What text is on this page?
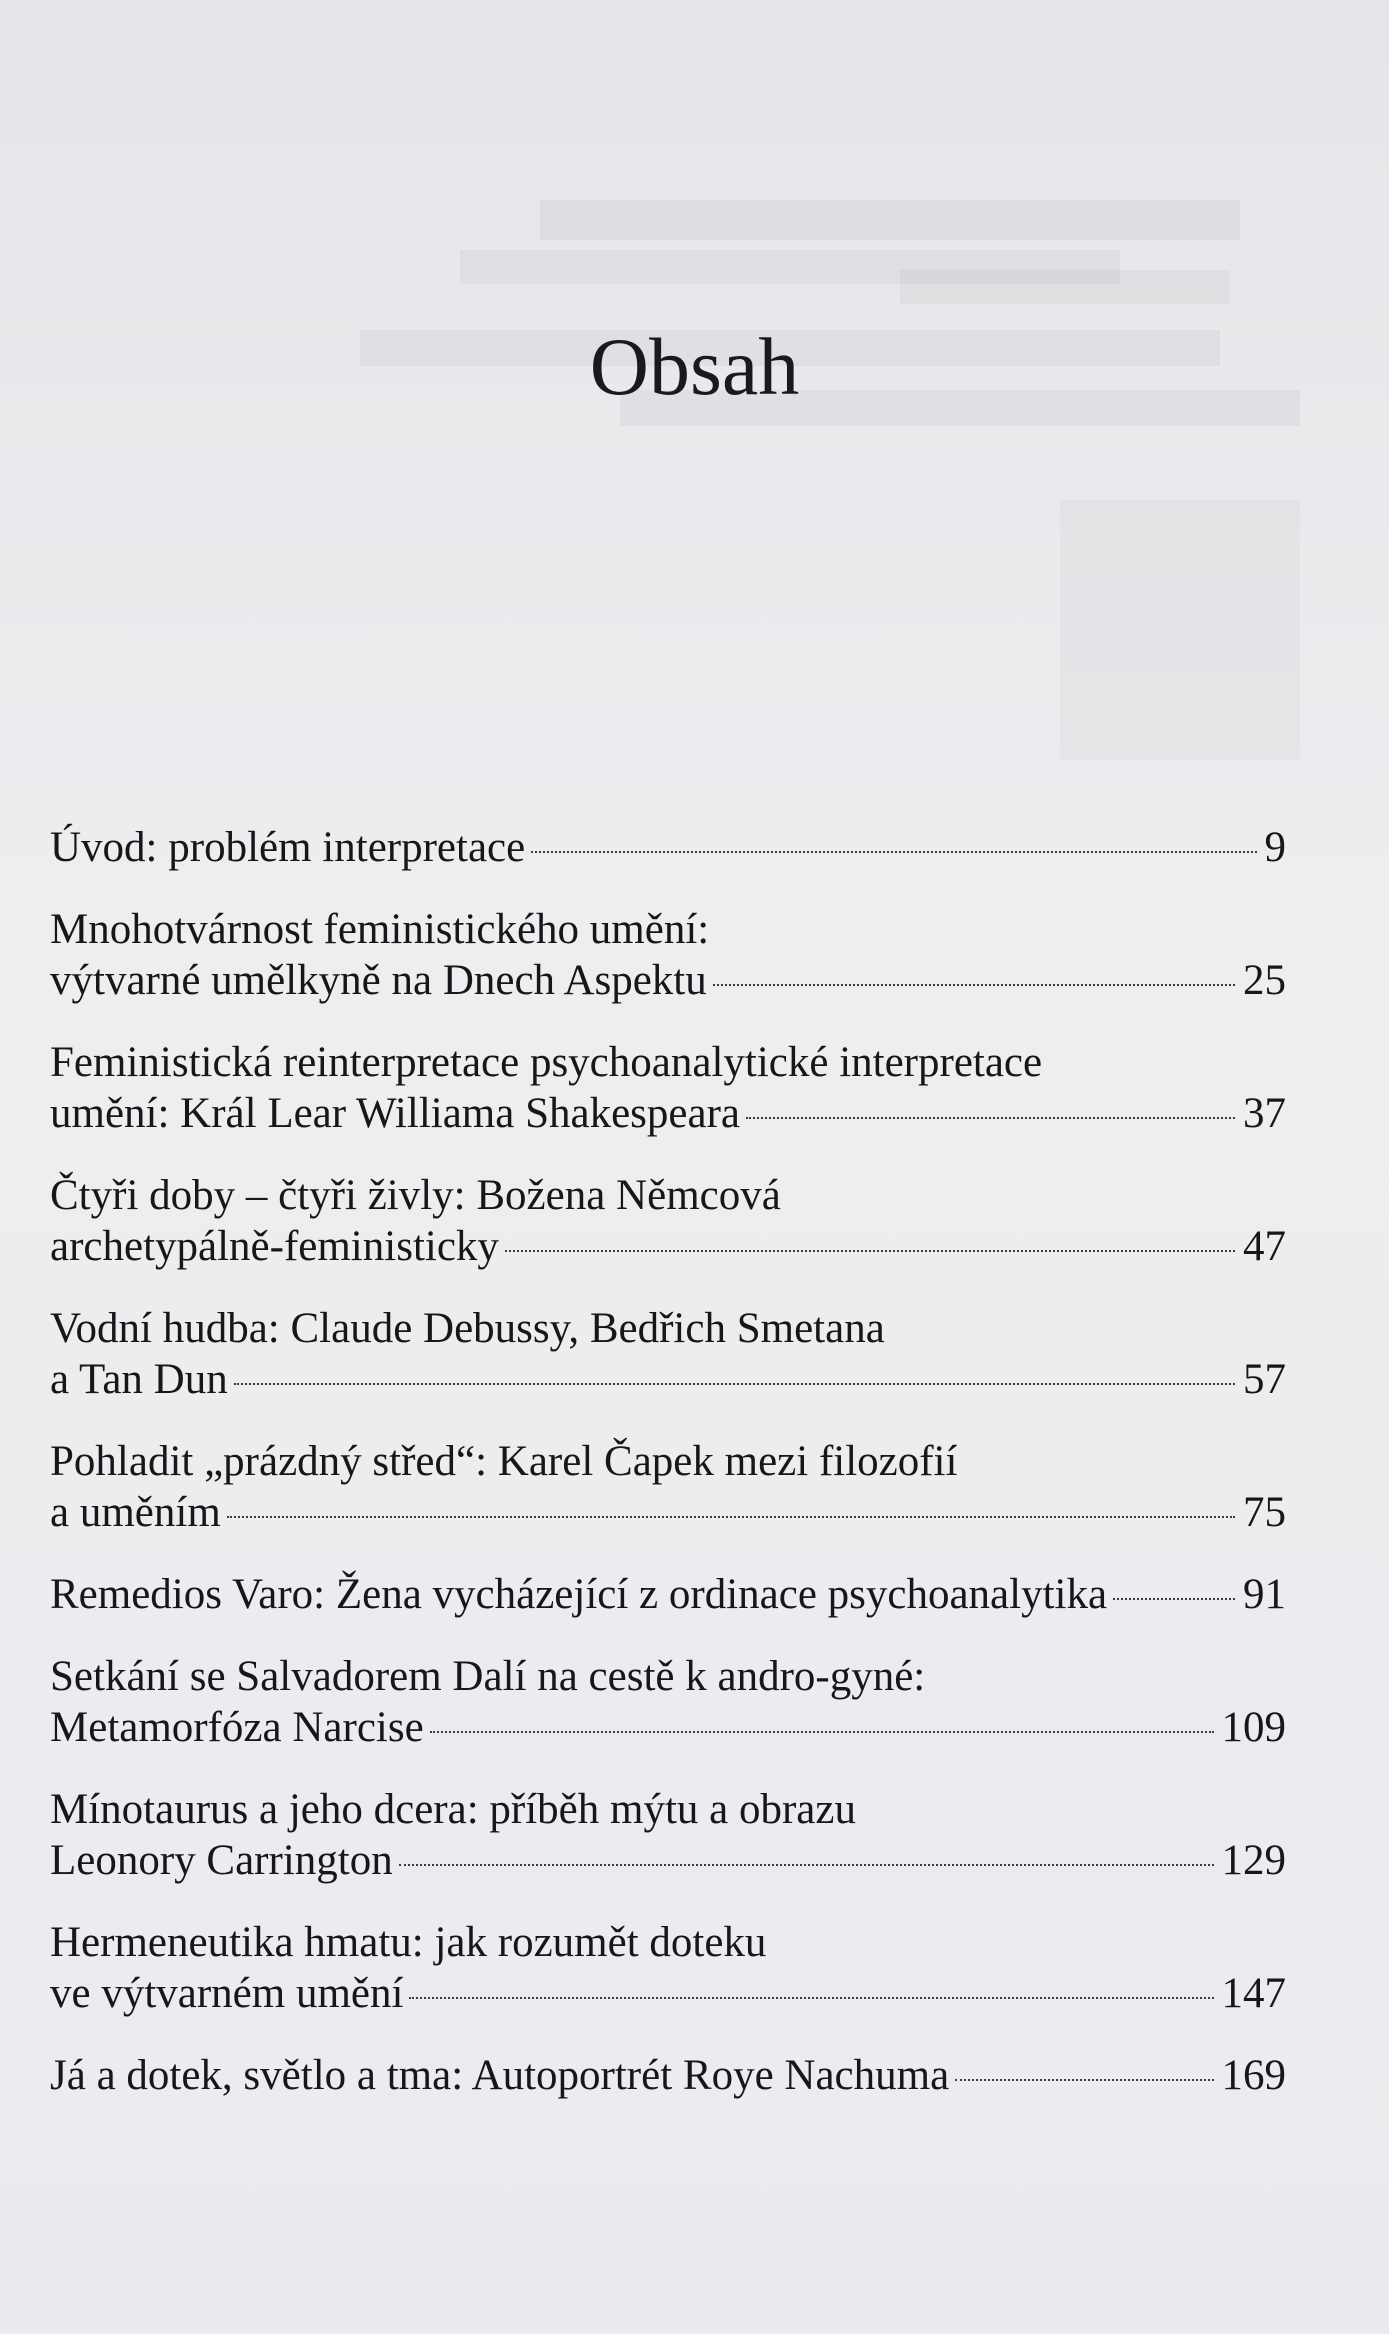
Obsah
Úvod: problém interpretace	9
Mnohotvárnost feministického umění:
výtvarné umělkyně na Dnech Aspektu	25
Feministická reinterpretace psychoanalytické interpretace
umění: Král Lear Williama Shakespeara	37
Čtyři doby – čtyři živly: Božena Němcová
archetypálně-feministicky	47
Vodní hudba: Claude Debussy, Bedřich Smetana
a Tan Dun	57
Pohladit „prázdný střed“: Karel Čapek mezi filozofií
a uměním	75
Remedios Varo: Žena vycházející z ordinace psychoanalytika	91
Setkání se Salvadorem Dalí na cestě k andro-gyné:
Metamorfóza Narcise	109
Mínotaurus a jeho dcera: příběh mýtu a obrazu
Leonory Carrington	129
Hermeneutika hmatu: jak rozumět doteku
ve výtvarném umění	147
Já a dotek, světlo a tma: Autoportrét Roye Nachuma	169
